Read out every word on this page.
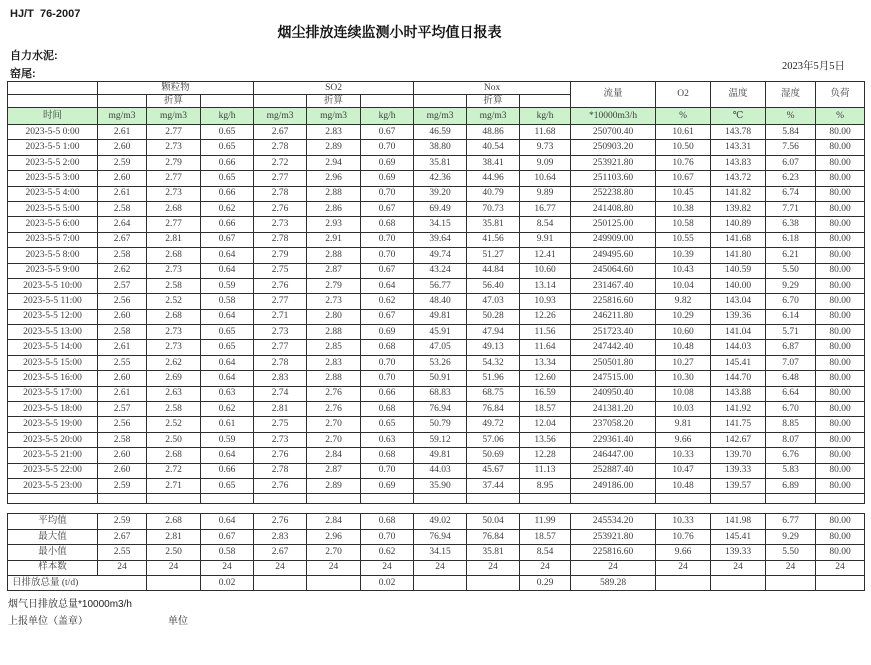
HJ/T  76-2007
烟尘排放连续监测小时平均值日报表
自力水泥:
窑尾:
2023年5月5日
	颗粒物			SO2			Nox			流量	O2	温度	湿度	负荷
		折算			折算			折算						
时间	mg/m3	mg/m3	kg/h	mg/m3	mg/m3	kg/h	mg/m3	mg/m3	kg/h	*10000m3/h	%	℃	%	%
2023-5-5 0:00	2.61	2.77	0.65	2.67	2.83	0.67	46.59	48.86	11.68	250700.40	10.61	143.78	5.84	80.00
2023-5-5 1:00	2.60	2.73	0.65	2.78	2.89	0.70	38.80	40.54	9.73	250903.20	10.50	143.31	7.56	80.00
2023-5-5 2:00	2.59	2.79	0.66	2.72	2.94	0.69	35.81	38.41	9.09	253921.80	10.76	143.83	6.07	80.00
2023-5-5 3:00	2.60	2.77	0.65	2.77	2.96	0.69	42.36	44.96	10.64	251103.60	10.67	143.72	6.23	80.00
2023-5-5 4:00	2.61	2.73	0.66	2.78	2.88	0.70	39.20	40.79	9.89	252238.80	10.45	141.82	6.74	80.00
2023-5-5 5:00	2.58	2.68	0.62	2.76	2.86	0.67	69.49	70.73	16.77	241408.80	10.38	139.82	7.71	80.00
2023-5-5 6:00	2.64	2.77	0.66	2.73	2.93	0.68	34.15	35.81	8.54	250125.00	10.58	140.89	6.38	80.00
2023-5-5 7:00	2.67	2.81	0.67	2.78	2.91	0.70	39.64	41.56	9.91	249909.00	10.55	141.68	6.18	80.00
2023-5-5 8:00	2.58	2.68	0.64	2.79	2.88	0.70	49.74	51.27	12.41	249495.60	10.39	141.80	6.21	80.00
2023-5-5 9:00	2.62	2.73	0.64	2.75	2.87	0.67	43.24	44.84	10.60	245064.60	10.43	140.59	5.50	80.00
2023-5-5 10:00	2.57	2.58	0.59	2.76	2.79	0.64	56.77	56.40	13.14	231467.40	10.04	140.00	9.29	80.00
2023-5-5 11:00	2.56	2.52	0.58	2.77	2.73	0.62	48.40	47.03	10.93	225816.60	9.82	143.04	6.70	80.00
2023-5-5 12:00	2.60	2.68	0.64	2.71	2.80	0.67	49.81	50.28	12.26	246211.80	10.29	139.36	6.14	80.00
2023-5-5 13:00	2.58	2.73	0.65	2.73	2.88	0.69	45.91	47.94	11.56	251723.40	10.60	141.04	5.71	80.00
2023-5-5 14:00	2.61	2.73	0.65	2.77	2.85	0.68	47.05	49.13	11.64	247442.40	10.48	144.03	6.87	80.00
2023-5-5 15:00	2.55	2.62	0.64	2.78	2.83	0.70	53.26	54.32	13.34	250501.80	10.27	145.41	7.07	80.00
2023-5-5 16:00	2.60	2.69	0.64	2.83	2.88	0.70	50.91	51.96	12.60	247515.00	10.30	144.70	6.48	80.00
2023-5-5 17:00	2.61	2.63	0.63	2.74	2.76	0.66	68.83	68.75	16.59	240950.40	10.08	143.88	6.64	80.00
2023-5-5 18:00	2.57	2.58	0.62	2.81	2.76	0.68	76.94	76.84	18.57	241381.20	10.03	141.92	6.70	80.00
2023-5-5 19:00	2.56	2.52	0.61	2.75	2.70	0.65	50.79	49.72	12.04	237058.20	9.81	141.75	8.85	80.00
2023-5-5 20:00	2.58	2.50	0.59	2.73	2.70	0.63	59.12	57.06	13.56	229361.40	9.66	142.67	8.07	80.00
2023-5-5 21:00	2.60	2.68	0.64	2.76	2.84	0.68	49.81	50.69	12.28	246447.00	10.33	139.70	6.76	80.00
2023-5-5 22:00	2.60	2.72	0.66	2.78	2.87	0.70	44.03	45.67	11.13	252887.40	10.47	139.33	5.83	80.00
2023-5-5 23:00	2.59	2.71	0.65	2.76	2.89	0.69	35.90	37.44	8.95	249186.00	10.48	139.57	6.89	80.00

平均值	2.59	2.68	0.64	2.76	2.84	0.68	49.02	50.04	11.99	245534.20	10.33	141.98	6.77	80.00
最大值	2.67	2.81	0.67	2.83	2.96	0.70	76.94	76.84	18.57	253921.80	10.76	145.41	9.29	80.00
最小值	2.55	2.50	0.58	2.67	2.70	0.62	34.15	35.81	8.54	225816.60	9.66	139.33	5.50	80.00
样本数	24	24	24	24	24	24	24	24	24	24	24	24	24	24
日排放总量 (t/d)			0.02			0.02			0.29	589.28				
烟气日排放总量*10000m3/h
上报单位（盖章）	单位
